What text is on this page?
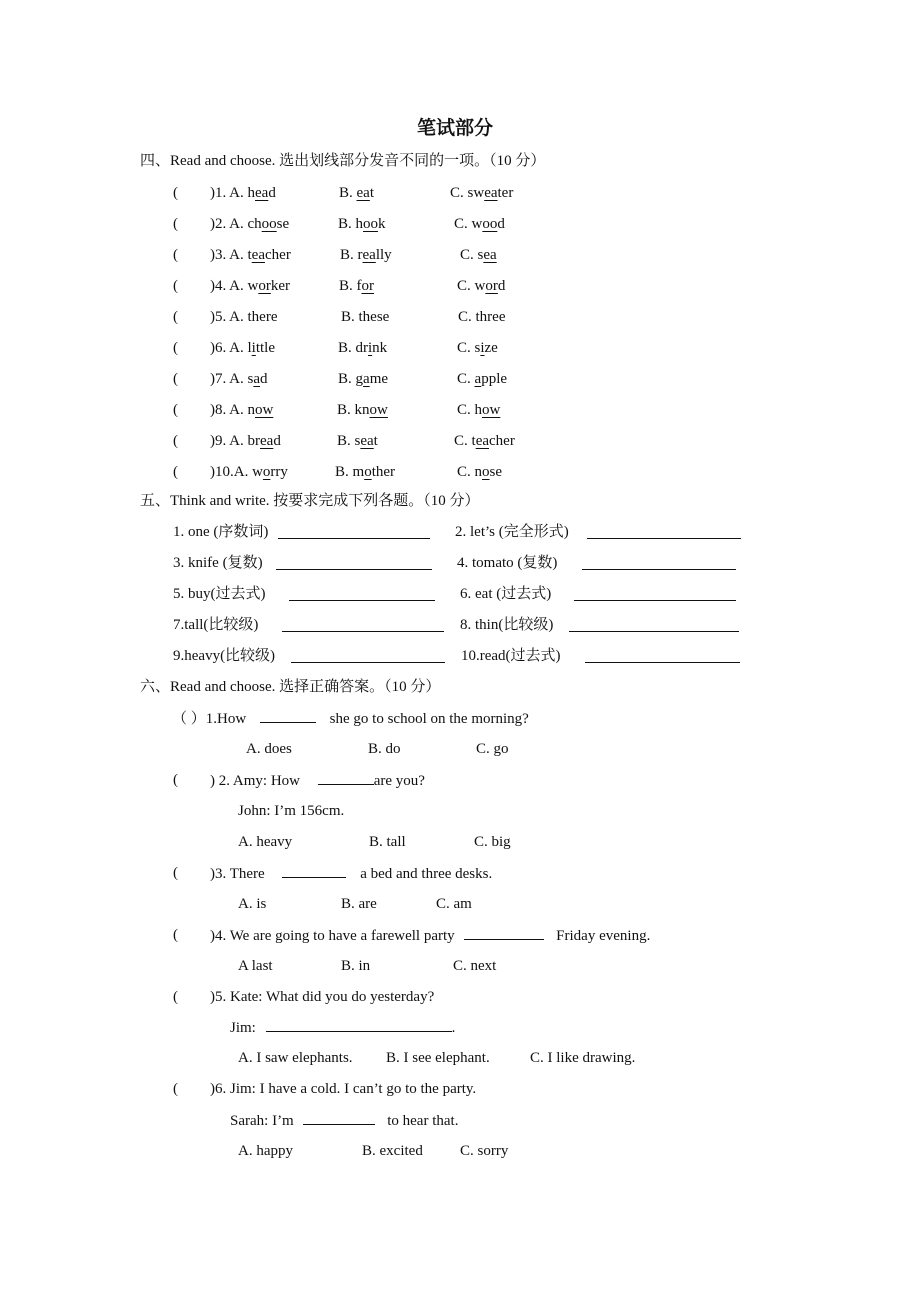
笔试部分
四、Read and choose. 选出划线部分发音不同的一项。（10 分）
( )1. A. head	B. eat	C. sweater
( )2. A. choose	B. hook	C. wood
( )3. A. teacher	B. really	C. sea
( )4. A. worker	B. for	C. word
( )5. A. there	B. these	C. three
( )6. A. little	B. drink	C. size
( )7. A. sad	B. game	C. apple
( )8. A. now	B. know	C. how
( )9. A. bread	B. seat	C. teacher
( )10.A. worry	B. mother	C. nose
五、Think and write. 按要求完成下列各题。（10 分）
1. one (序数词)	2. let’s (完全形式)
3. knife (复数)	4. tomato (复数)
5. buy(过去式)	6. eat (过去式)
7.tall(比较级)	8. thin(比较级)
9.heavy(比较级)	10.read(过去式)
六、Read and choose. 选择正确答案。（10 分）
（ ）1.How	she go to school on the morning?
A. does	B. do	C. go
( ) 2. Amy: How	are you?
John: I’m 156cm.
A. heavy	B. tall	C. big
( )3. There	a bed and three desks.
A. is	B. are	C. am
( )4. We are going to have a farewell party	Friday evening.
A last	B. in	C. next
( )5. Kate: What did you do yesterday?
Jim:	.
A. I saw elephants. B. I see elephant.	C. I like drawing.
( )6. Jim: I have a cold. I can’t go to the party.
Sarah: I’m	to hear that.
A. happy	B. excited C. sorry
